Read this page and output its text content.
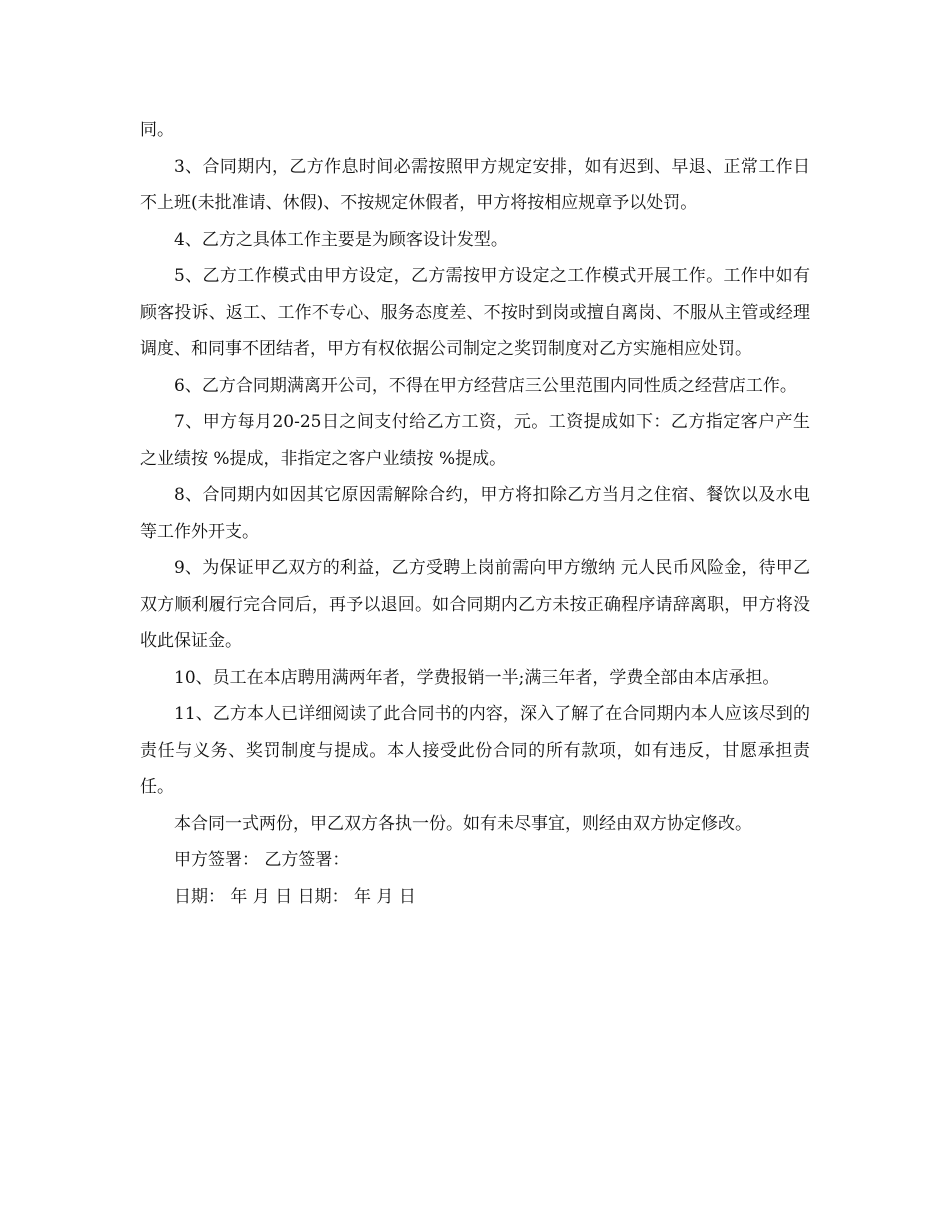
同。

3、合同期内，乙方作息时间必需按照甲方规定安排，如有迟到、早退、正常工作日不上班(未批准请、休假)、不按规定休假者，甲方将按相应规章予以处罚。

4、乙方之具体工作主要是为顾客设计发型。

5、乙方工作模式由甲方设定，乙方需按甲方设定之工作模式开展工作。工作中如有顾客投诉、返工、工作不专心、服务态度差、不按时到岗或擅自离岗、不服从主管或经理调度、和同事不团结者，甲方有权依据公司制定之奖罚制度对乙方实施相应处罚。

6、乙方合同期满离开公司，不得在甲方经营店三公里范围内同性质之经营店工作。

7、甲方每月20-25日之间支付给乙方工资，元。工资提成如下：乙方指定客户产生之业绩按 %提成，非指定之客户业绩按 %提成。

8、合同期内如因其它原因需解除合约，甲方将扣除乙方当月之住宿、餐饮以及水电等工作外开支。

9、为保证甲乙双方的利益，乙方受聘上岗前需向甲方缴纳 元人民币风险金，待甲乙双方顺利履行完合同后，再予以退回。如合同期内乙方未按正确程序请辞离职，甲方将没收此保证金。

10、员工在本店聘用满两年者，学费报销一半;满三年者，学费全部由本店承担。

11、乙方本人已详细阅读了此合同书的内容，深入了解了在合同期内本人应该尽到的责任与义务、奖罚制度与提成。本人接受此份合同的所有款项，如有违反，甘愿承担责任。

本合同一式两份，甲乙双方各执一份。如有未尽事宜，则经由双方协定修改。

甲方签署： 乙方签署：

日期： 年 月 日 日期： 年 月 日
